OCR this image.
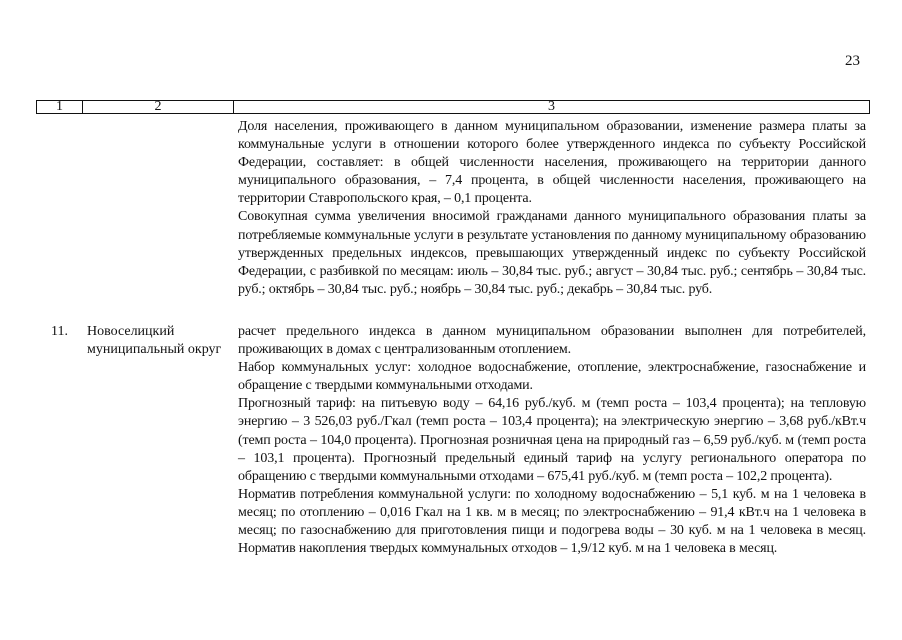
23
1	2	3

Доля населения, проживающего в данном муниципальном образовании, изменение размера платы за коммунальные услуги в отношении которого более утвержденного индекса по субъекту Российской Федерации, составляет: в общей численности населения, проживающего на территории данного муниципального образования, – 7,4 процента, в общей численности населения, проживающего на территории Ставропольского края, – 0,1 процента.

Совокупная сумма увеличения вносимой гражданами данного муниципального образования платы за потребляемые коммунальные услуги в результате установления по данному муниципальному образованию утвержденных предельных индексов, превышающих утвержденный индекс по субъекту Российской Федерации, с разбивкой по месяцам: июль – 30,84 тыс. руб.; август – 30,84 тыс. руб.; сентябрь – 30,84 тыс. руб.; октябрь – 30,84 тыс. руб.; ноябрь – 30,84 тыс. руб.; декабрь – 30,84 тыс. руб.

11. Новоселицкий муниципальный округ

расчет предельного индекса в данном муниципальном образовании выполнен для потребителей, проживающих в домах с централизованным отоплением.

Набор коммунальных услуг: холодное водоснабжение, отопление, электроснабжение, газоснабжение и обращение с твердыми коммунальными отходами.

Прогнозный тариф: на питьевую воду – 64,16 руб./куб. м (темп роста – 103,4 процента); на тепловую энергию – 3 526,03 руб./Гкал (темп роста – 103,4 процента); на электрическую энергию – 3,68 руб./кВт.ч (темп роста – 104,0 процента). Прогнозная розничная цена на природный газ – 6,59 руб./куб. м (темп роста – 103,1 процента). Прогнозный предельный единый тариф на услугу регионального оператора по обращению с твердыми коммунальными отходами – 675,41 руб./куб. м (темп роста – 102,2 процента).

Норматив потребления коммунальной услуги: по холодному водоснабжению – 5,1 куб. м на 1 человека в месяц; по отоплению – 0,016 Гкал на 1 кв. м в месяц; по электроснабжению – 91,4 кВт.ч на 1 человека в месяц; по газоснабжению для приготовления пищи и подогрева воды – 30 куб. м на 1 человека в месяц. Норматив накопления твердых коммунальных отходов – 1,9/12 куб. м на 1 человека в месяц.
